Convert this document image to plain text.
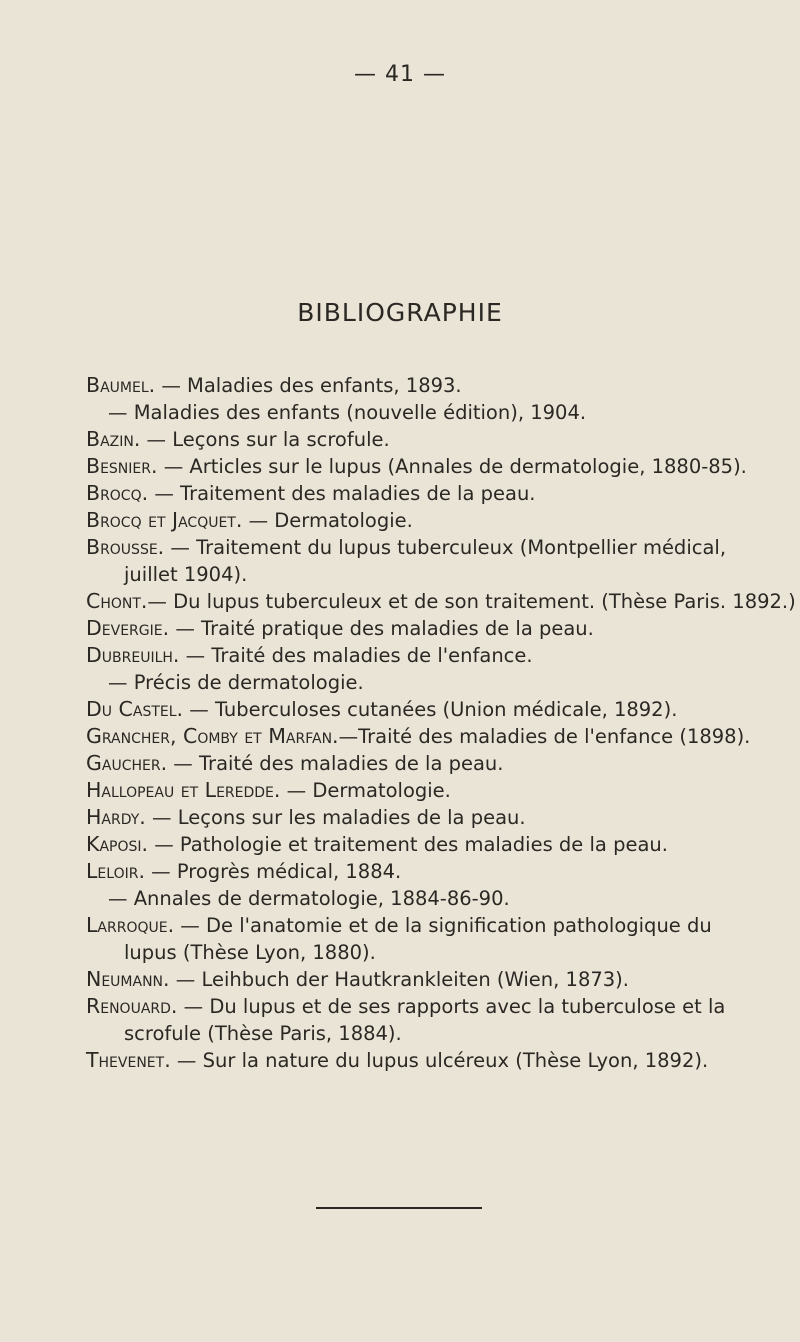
— 41 —
BIBLIOGRAPHIE
Baumel. — Maladies des enfants, 1893.
— Maladies des enfants (nouvelle édition), 1904.
Bazin. — Leçons sur la scrofule.
Besnier. — Articles sur le lupus (Annales de dermatologie, 1880-85).
Brocq. — Traitement des maladies de la peau.
Brocq et Jacquet. — Dermatologie.
Brousse. — Traitement du lupus tuberculeux (Montpellier médical,
juillet 1904).
Chont.— Du lupus tuberculeux et de son traitement. (Thèse Paris. 1892.)
Devergie. — Traité pratique des maladies de la peau.
Dubreuilh. — Traité des maladies de l'enfance.
— Précis de dermatologie.
Du Castel. — Tuberculoses cutanées (Union médicale, 1892).
Grancher, Comby et Marfan.—Traité des maladies de l'enfance (1898).
Gaucher. — Traité des maladies de la peau.
Hallopeau et Leredde. — Dermatologie.
Hardy. — Leçons sur les maladies de la peau.
Kaposi. — Pathologie et traitement des maladies de la peau.
Leloir. — Progrès médical, 1884.
— Annales de dermatologie, 1884-86-90.
Larroque. — De l'anatomie et de la signification pathologique du
lupus (Thèse Lyon, 1880).
Neumann. — Leihbuch der Hautkrankleiten (Wien, 1873).
Renouard. — Du lupus et de ses rapports avec la tuberculose et la
scrofule (Thèse Paris, 1884).
Thevenet. — Sur la nature du lupus ulcéreux (Thèse Lyon, 1892).
